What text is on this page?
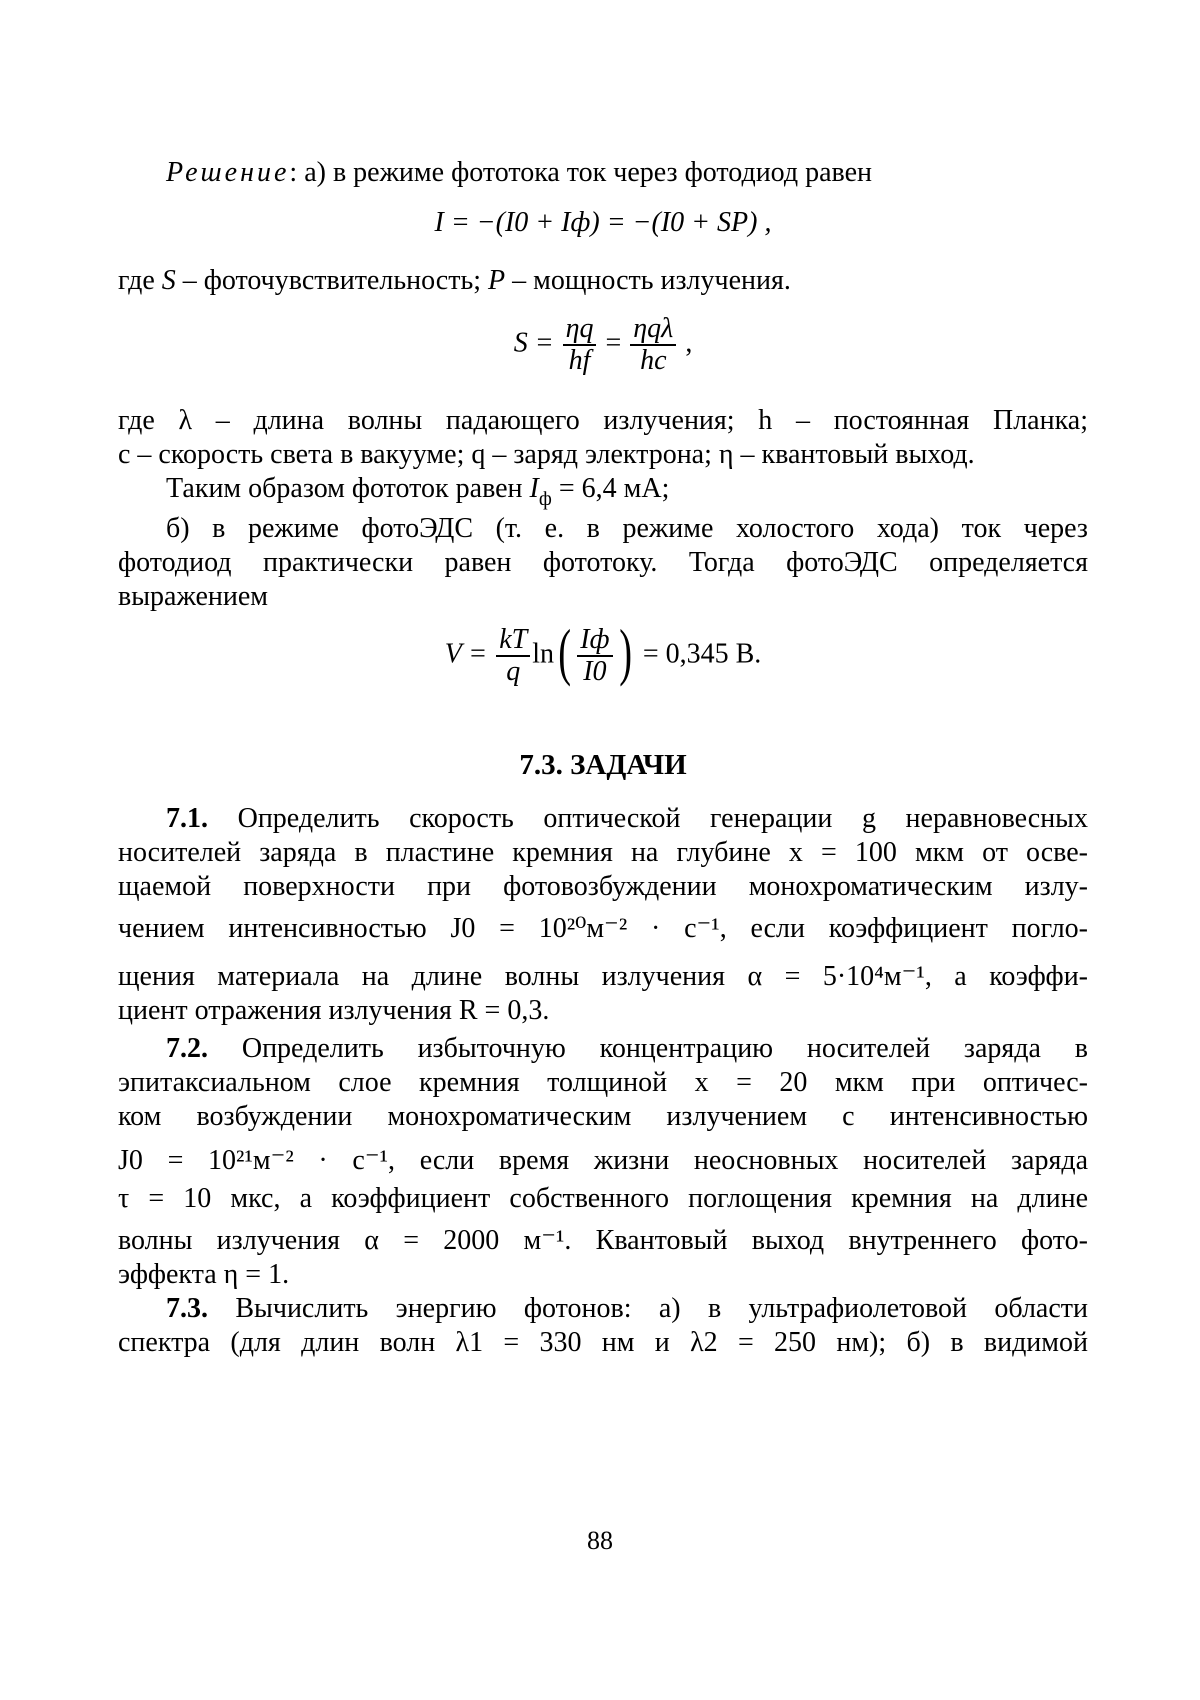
Решение: а) в режиме фототока ток через фотодиод равен
I = −(I0 + Iф) = −(I0 + SP) ,
где S – фоточувствительность; P – мощность излучения.
$S = \frac{\eta q}{hf} = \frac{\text{ηqλ}}{hc}$ ,
где λ – длина волны падающего излучения; h – постоянная Планка;
c – скорость света в вакууме; q – заряд электрона; η – квантовый выход.
Таким образом фототок равен $I_ф = 6,4$ мА;
б) в режиме фотоЭДС (т. е. в режиме холостого хода) ток через
фотодиод практически равен фототоку. Тогда фотоЭДС определяется
выражением
$V = \frac{kT}{q} \ln( \frac{Iф}{I0}$ ) = 0,345 В.
7.3. ЗАДАЧИ
7.1. Определить скорость оптической генерации g неравновесных
носителей заряда в пластине кремния на глубине x = 100 мкм от осве-
щаемой поверхности при фотовозбуждении монохроматическим излу-
чением интенсивностью J0 = 10²⁰м⁻² · с⁻¹, если коэффициент погло-
щения материала на длине волны излучения α = 5·10⁴м⁻¹, а коэффи-
циент отражения излучения R = 0,3.
7.2. Определить избыточную концентрацию носителей заряда в
эпитаксиальном слое кремния толщиной x = 20 мкм при оптичес-
ком возбуждении монохроматическим излучением с интенсивностью
J0 = 10²¹м⁻² · с⁻¹, если время жизни неосновных носителей заряда
τ = 10 мкс, а коэффициент собственного поглощения кремния на длине
волны излучения α = 2000 м⁻¹. Квантовый выход внутреннего фото-
эффекта η = 1.
7.3. Вычислить энергию фотонов: а) в ультрафиолетовой области
спектра (для длин волн λ1 = 330 нм и λ2 = 250 нм); б) в видимой
88
